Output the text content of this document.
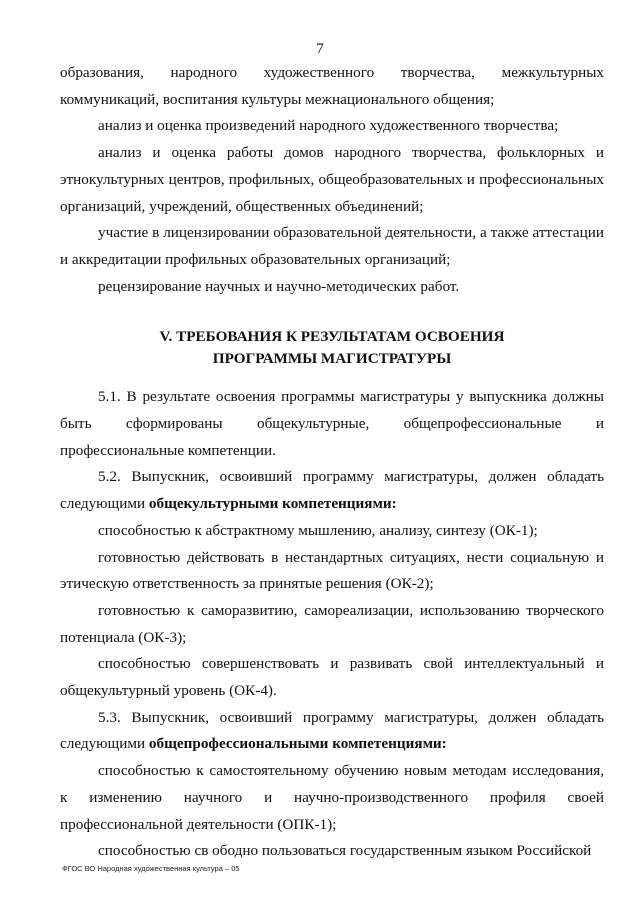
7

образования, народного художественного творчества, межкультурных коммуникаций, воспитания культуры межнационального общения;

анализ и оценка произведений народного художественного творчества;

анализ и оценка работы домов народного творчества, фольклорных и этнокультурных центров, профильных, общеобразовательных и профессиональных организаций, учреждений, общественных объединений;

участие в лицензировании образовательной деятельности, а также аттестации и аккредитации профильных образовательных организаций;

рецензирование научных и научно-методических работ.

V. ТРЕБОВАНИЯ К РЕЗУЛЬТАТАМ ОСВОЕНИЯ
ПРОГРАММЫ МАГИСТРАТУРЫ

5.1. В результате освоения программы магистратуры у выпускника должны быть сформированы общекультурные, общепрофессиональные и профессиональные компетенции.

5.2. Выпускник, освоивший программу магистратуры, должен обладать следующими общекультурными компетенциями:

способностью к абстрактному мышлению, анализу, синтезу (ОК-1);

готовностью действовать в нестандартных ситуациях, нести социальную и этическую ответственность за принятые решения (ОК-2);

готовностью к саморазвитию, самореализации, использованию творческого потенциала (ОК-3);

способностью совершенствовать и развивать свой интеллектуальный и общекультурный уровень (ОК-4).

5.3. Выпускник, освоивший программу магистратуры, должен обладать следующими общепрофессиональными компетенциями:

способностью к самостоятельному обучению новым методам исследования, к изменению научного и научно-производственного профиля своей профессиональной деятельности (ОПК-1);

способностью св ободно пользоваться государственным языком Российской

ФГОС ВО Народная художественная культура – 05
